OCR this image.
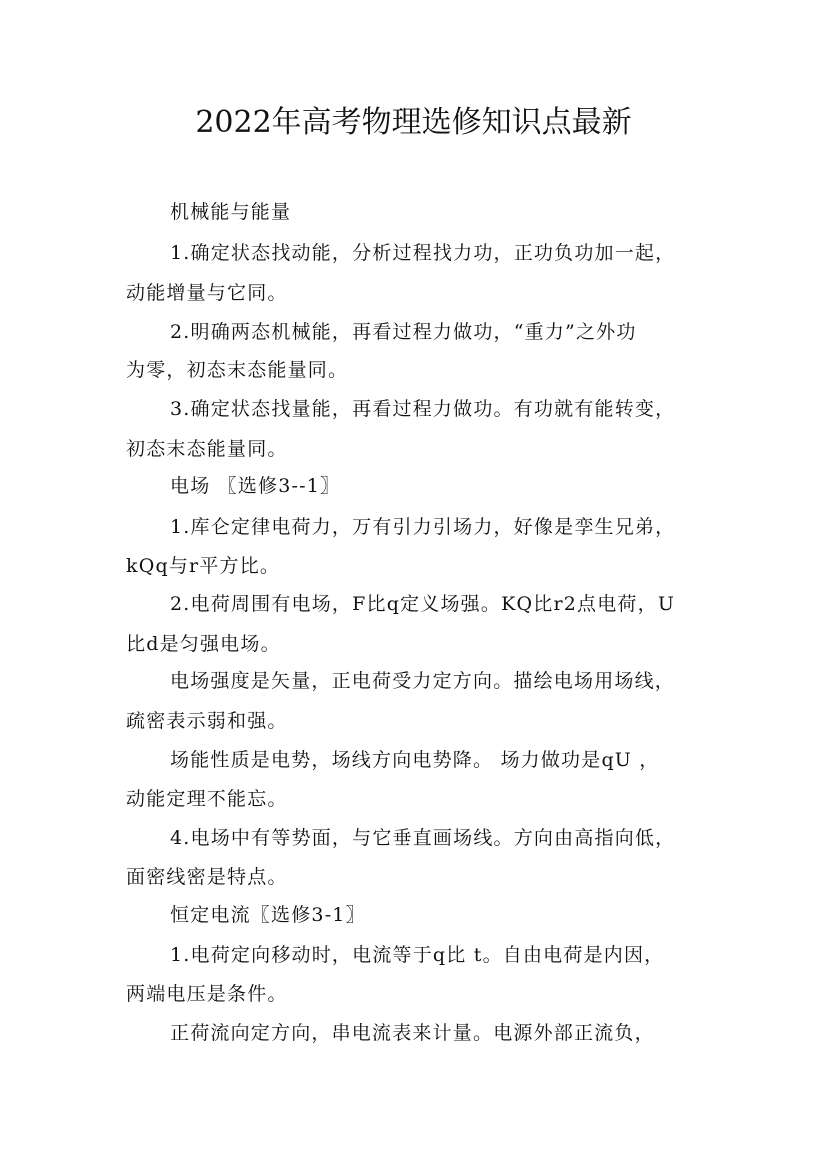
2022年高考物理选修知识点最新
机械能与能量
1.确定状态找动能，分析过程找力功，正功负功加一起，
动能增量与它同。
2.明确两态机械能，再看过程力做功，“重力”之外功
为零，初态末态能量同。
3.确定状态找量能，再看过程力做功。有功就有能转变，
初态末态能量同。
电场 〖选修3--1〗
1.库仑定律电荷力，万有引力引场力，好像是孪生兄弟，
kQq与r平方比。
2.电荷周围有电场，F比q定义场强。KQ比r2点电荷，U
比d是匀强电场。
电场强度是矢量，正电荷受力定方向。描绘电场用场线，
疏密表示弱和强。
场能性质是电势，场线方向电势降。 场力做功是qU ，
动能定理不能忘。
4.电场中有等势面，与它垂直画场线。方向由高指向低，
面密线密是特点。
恒定电流〖选修3-1〗
1.电荷定向移动时，电流等于q比 t。自由电荷是内因，
两端电压是条件。
正荷流向定方向，串电流表来计量。电源外部正流负，
